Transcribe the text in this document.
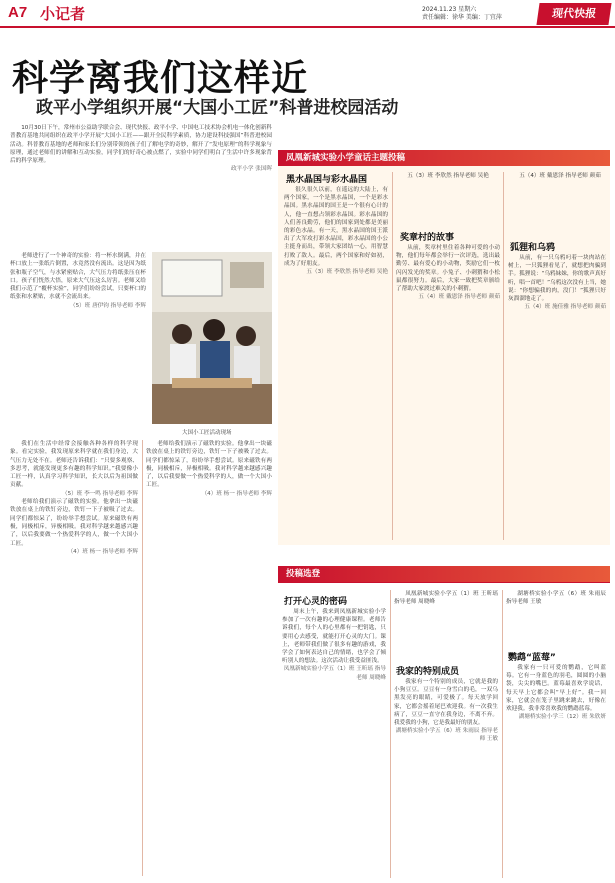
A7 小记者	2024.11.23 星期六
责任编辑：徐华 美编：丁宜萍	现代快报
科学离我们这样近
政平小学组织开展“大国小工匠”科普进校园活动

10月30日下午，常州市公益助学联合会、现代快报、政平小学、中国电工技术协会机电一体化创新科普教育基地共同组织在政平小学开展“大国小工匠——跟开全民科学素质，协力建设科技强国”科普进校园活动。科普教育基地的老师和家长们分别带领的孩子们了解电学的奇妙，解开了“发电原理”的科学现象与原理，通过老师们的讲解和互动实验，同学们的好奇心被点燃了，实验中同学们明白了生活中许多现象背后的科学原理。

政平小学 张国晖
大国小工匠活动现场

老师进行了一个神奇的实验：将一杯水倒满，并在杯口放上一张纸片倒置，水竟然没有流出。这是因为纸张和瓶子空气，与水紧密贴合，大气压力将纸张压在杯口。孩子们恍然大悟，原来大气压这么厉害。老师又给我们示范了“覆杯实验”，同学们纷纷尝试，只要杯口的纸张和水紧贴，水就不会流出来。

（5）班 唐伊钧 指导老师 李辉

我们在生活中经常会接触各种各样的科学现象。看完实验，我发现原来科学就在我们身边，大气压力无处不在。老师还告诉我们：“只要多观察、多思考，就能发现更多有趣的科学知识。”我要像小工匠一样，认真学习科学知识，长大以后为祖国做贡献。

（5）班 李一鸣 指导老师 李辉

老师给我们演示了磁铁的实验。他拿出一块磁铁放在桌上的铁钉旁边，铁钉一下子被吸了过去。同学们都惊呆了，纷纷举手想尝试。原来磁铁有两极，同极相斥，异极相吸。我对科学越来越感兴趣了，以后我要做一个热爱科学的人，做一个大国小工匠。

（4）班 杨一 指导老师 李辉

老师给我们演示了磁铁的实验。他拿出一块磁铁放在桌上的铁钉旁边，铁钉一下子被吸了过去。同学们都惊呆了，纷纷举手想尝试。原来磁铁有两极，同极相斥，异极相吸。我对科学越来越感兴趣了，以后我要做一个热爱科学的人，做一个大国小工匠。

（4）班 杨一 指导老师 李辉
凤凰新城实验小学童话主题投稿
黑水晶国与彩水晶国

很久很久以前，在遥远的大陆上，有两个国家，一个是黑水晶国，一个是彩水晶国。黑水晶国的国王是一个很有心计的人，他一直想占领彩水晶国。彩水晶国的人们善良勤劳，他们的国家到处都是美丽的彩色水晶。有一天，黑水晶国的国王派出了大军攻打彩水晶国，彩水晶国的小公主挺身而出，带领大家团结一心，用智慧打败了敌人。最后，两个国家和好如初，成为了好朋友。

五（3）班 李欣然 指导老师 吴艳
奖章村的故事

五（3）班 李欣然 指导老师 吴艳

从前，奖章村里住着各种可爱的小动物，他们每年都会举行一次评选，选出最勤劳、最有爱心的小动物，奖励它们一枚闪闪发光的奖章。小兔子、小刺猬和小松鼠都很努力。最后，大家一致把奖章颁给了帮助大家渡过难关的小刺猬。

五（4）班 戴恩泽 指导老师 颜茹

五（4）班 戴恩泽 指导老师 颜茹

狐狸和乌鸦

从前，有一只乌鸦叼着一块肉站在树上，一只狐狸看见了，就想把肉骗到手。狐狸说：“乌鸦妹妹，你的歌声真好听，唱一首吧！”乌鸦这次没有上当，她说：“你想骗我的肉，没门！”狐狸只好灰溜溜地走了。

五（4）班 施佳雅 指导老师 颜茹
投稿选登
打开心灵的密码

周末上午，我来到凤凰新城实验小学参加了一次有趣的心理健康课程。老师告诉我们，每个人的心里都有一把钥匙，只要用心去感受，就能打开心灵的大门。课上，老师带我们做了很多有趣的游戏，我学会了如何表达自己的情绪，也学会了倾听别人的想法。这次活动让我受益匪浅。

凤凰新城实验小学五（1）班 王昕瑶 指导老师 周晓峰
我家的特别成员

凤凰新城实验小学五（1）班 王昕瑶 指导老师 周晓峰

我家有一个特别的成员，它就是我的小狗豆豆。豆豆有一身雪白的毛，一双乌黑发亮的眼睛，可爱极了。每天放学回家，它都会摇着尾巴欢迎我。有一次我生病了，豆豆一直守在我身边，不离不弃。我爱我的小狗，它是我最好的朋友。

湖塘桥实验小学五（6）班 朱雨辰 指导老师 王敏

湖塘桥实验小学五（6）班 朱雨辰 指导老师 王敏

鹦鹉“蓝莓”

我家有一只可爱的鹦鹉，它叫蓝莓。它有一身蓝色的羽毛，圆圆的小脑袋，尖尖的嘴巴。蓝莓最喜欢学说话，每天早上它都会叫“早上好”。我一回家，它就会在笼子里跳来跳去，好像在欢迎我。我非常喜欢我的鹦鹉蓝莓。

湖塘桥实验小学三（12）班 朱欣妍
